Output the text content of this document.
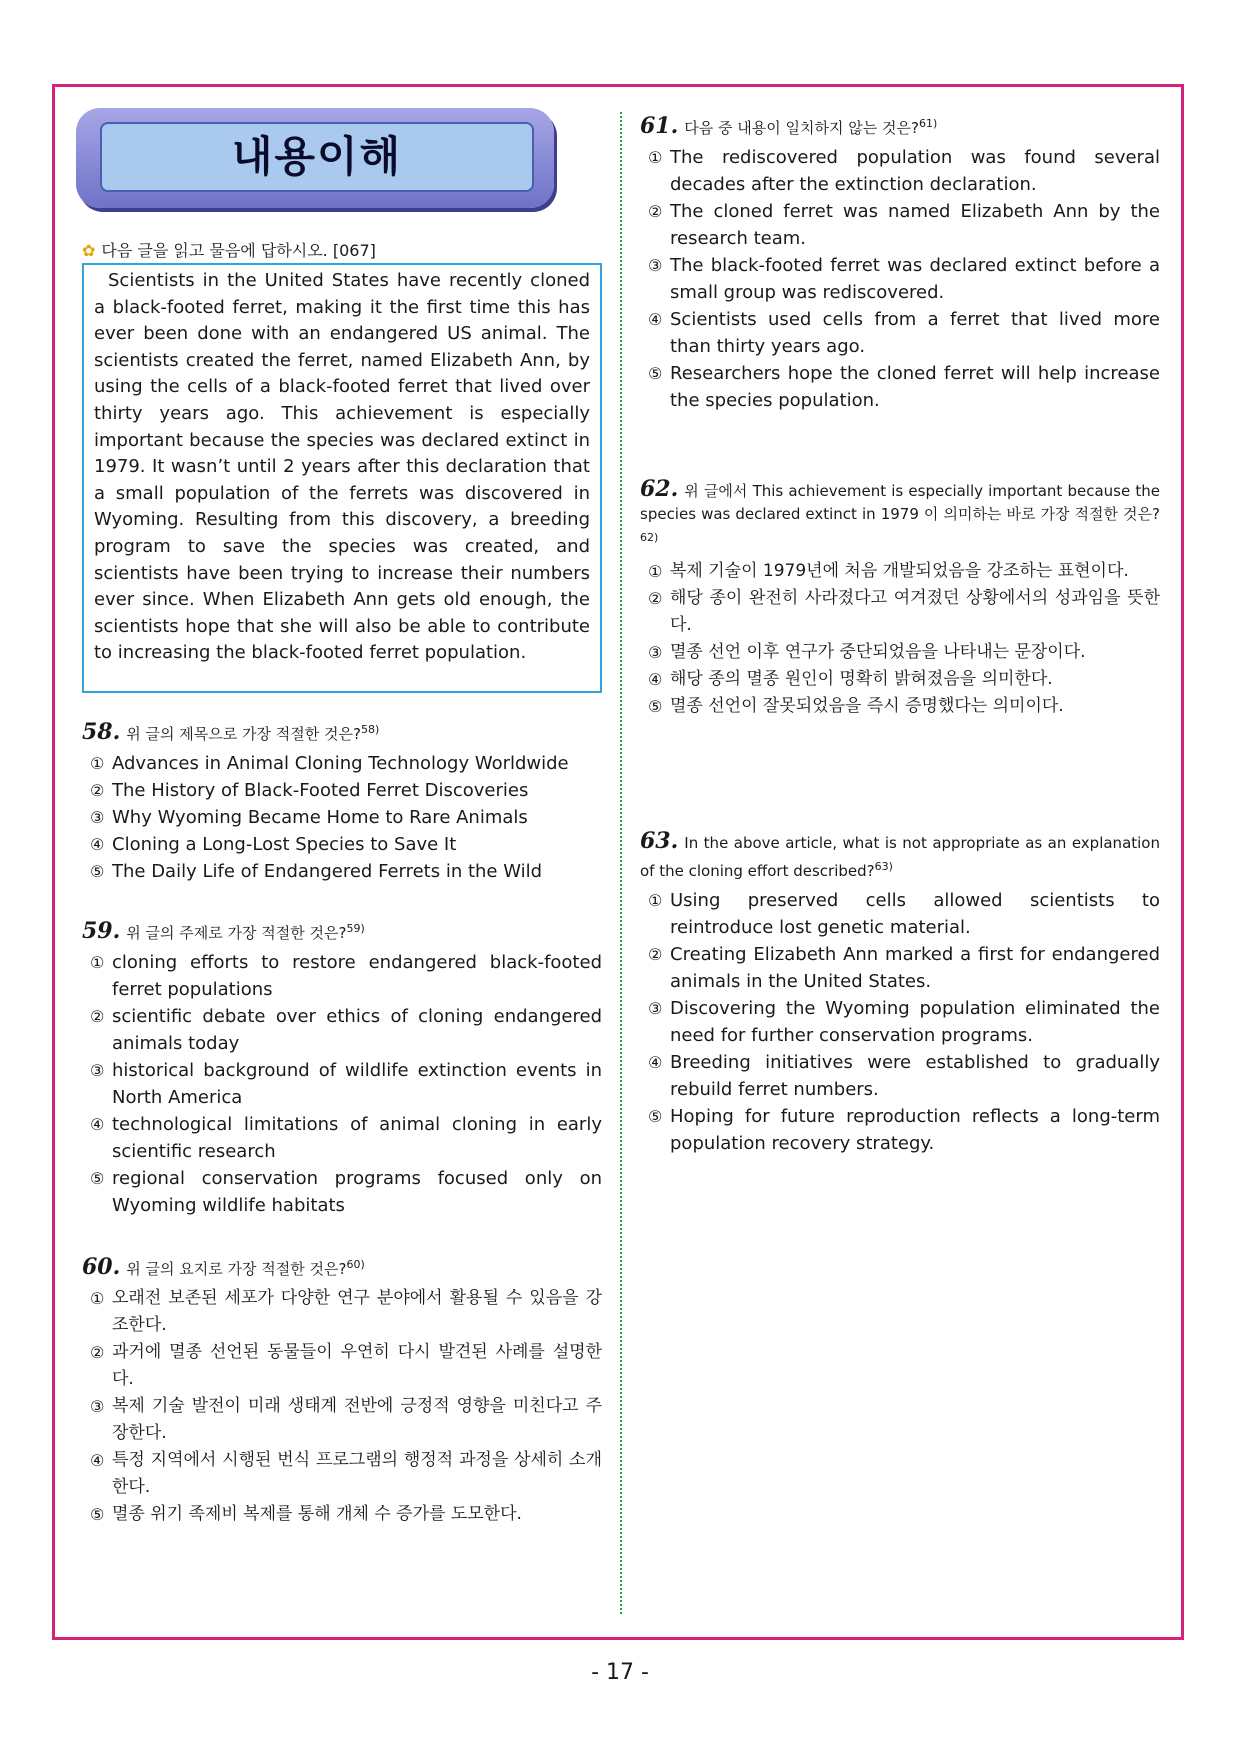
내용이해
✿ 다음 글을 읽고 물음에 답하시오. [067]

Scientists in the United States have recently cloned a black-footed ferret, making it the first time this has ever been done with an endangered US animal. The scientists created the ferret, named Elizabeth Ann, by using the cells of a black-footed ferret that lived over thirty years ago. This achievement is especially important because the species was declared extinct in 1979. It wasn’t until 2 years after this declaration that a small population of the ferrets was discovered in Wyoming. Resulting from this discovery, a breeding program to save the species was created, and scientists have been trying to increase their numbers ever since. When Elizabeth Ann gets old enough, the scientists hope that she will also be able to contribute to increasing the black-footed ferret population.

58. 위 글의 제목으로 가장 적절한 것은?$^{58)}$
① Advances in Animal Cloning Technology Worldwide
② The History of Black-Footed Ferret Discoveries
③ Why Wyoming Became Home to Rare Animals
④ Cloning a Long-Lost Species to Save It
⑤ The Daily Life of Endangered Ferrets in the Wild
59. 위 글의 주제로 가장 적절한 것은?$^{59)}$
① cloning efforts to restore endangered black-footed ferret populations
② scientific debate over ethics of cloning endangered animals today
③ historical background of wildlife extinction events in North America
④ technological limitations of animal cloning in early scientific research
⑤ regional conservation programs focused only on Wyoming wildlife habitats
60. 위 글의 요지로 가장 적절한 것은?$^{60)}$
① 오래전 보존된 세포가 다양한 연구 분야에서 활용될 수 있음을 강조한다.
② 과거에 멸종 선언된 동물들이 우연히 다시 발견된 사례를 설명한다.
③ 복제 기술 발전이 미래 생태계 전반에 긍정적 영향을 미친다고 주장한다.
④ 특정 지역에서 시행된 번식 프로그램의 행정적 과정을 상세히 소개한다.
⑤ 멸종 위기 족제비 복제를 통해 개체 수 증가를 도모한다.
61. 다음 중 내용이 일치하지 않는 것은?$^{61)}$
① The rediscovered population was found several decades after the extinction declaration.
② The cloned ferret was named Elizabeth Ann by the research team.
③ The black-footed ferret was declared extinct before a small group was rediscovered.
④ Scientists used cells from a ferret that lived more than thirty years ago.
⑤ Researchers hope the cloned ferret will help increase the species population.
62. 위 글에서 This achievement is especially important because the species was declared extinct in 1979 이 의미하는 바로 가장 적절한 것은?$^{62)}$
① 복제 기술이 1979년에 처음 개발되었음을 강조하는 표현이다.
② 해당 종이 완전히 사라졌다고 여겨졌던 상황에서의 성과임을 뜻한다.
③ 멸종 선언 이후 연구가 중단되었음을 나타내는 문장이다.
④ 해당 종의 멸종 원인이 명확히 밝혀졌음을 의미한다.
⑤ 멸종 선언이 잘못되었음을 즉시 증명했다는 의미이다.
63. In the above article, what is not appropriate as an explanation of the cloning effort described?$^{63)}$
① Using preserved cells allowed scientists to reintroduce lost genetic material.
② Creating Elizabeth Ann marked a first for endangered animals in the United States.
③ Discovering the Wyoming population eliminated the need for further conservation programs.
④ Breeding initiatives were established to gradually rebuild ferret numbers.
⑤ Hoping for future reproduction reflects a long-term population recovery strategy.
- 17 -
